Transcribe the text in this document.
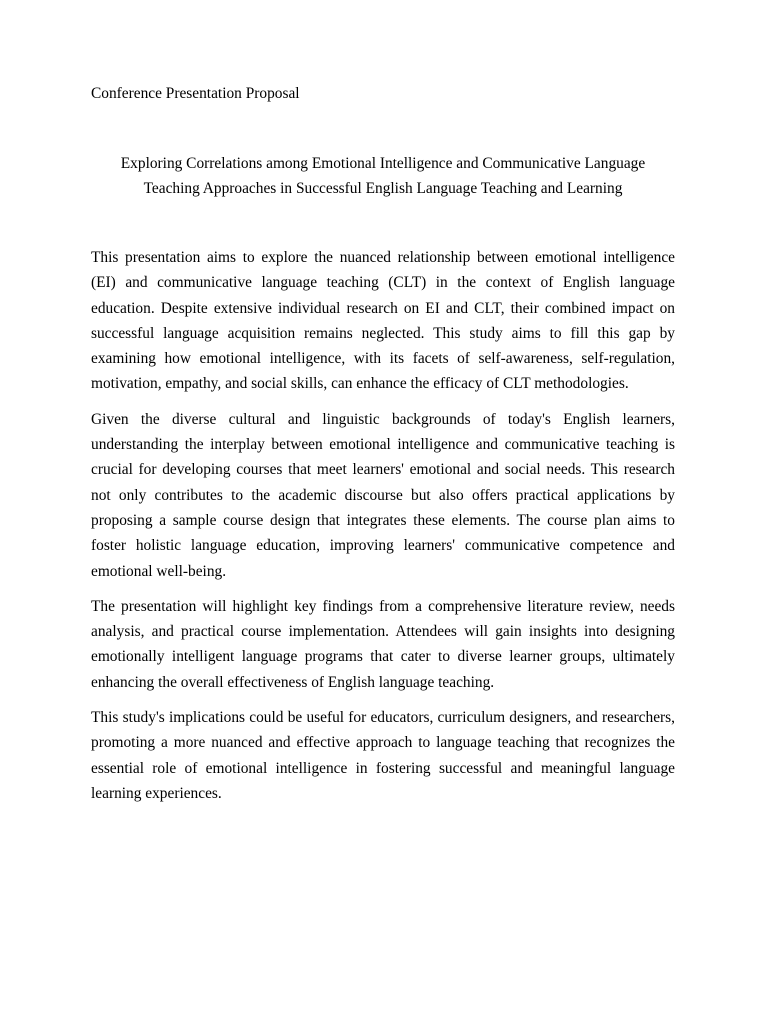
Conference Presentation Proposal
Exploring Correlations among Emotional Intelligence and Communicative Language
Teaching Approaches in Successful English Language Teaching and Learning
This presentation aims to explore the nuanced relationship between emotional intelligence
(EI) and communicative language teaching (CLT) in the context of English language
education. Despite extensive individual research on EI and CLT, their combined impact on
successful language acquisition remains neglected. This study aims to fill this gap by
examining how emotional intelligence, with its facets of self-awareness, self-regulation,
motivation, empathy, and social skills, can enhance the efficacy of CLT methodologies.
Given the diverse cultural and linguistic backgrounds of today's English learners,
understanding the interplay between emotional intelligence and communicative teaching is
crucial for developing courses that meet learners' emotional and social needs. This research
not only contributes to the academic discourse but also offers practical applications by
proposing a sample course design that integrates these elements. The course plan aims to
foster holistic language education, improving learners' communicative competence and
emotional well-being.
The presentation will highlight key findings from a comprehensive literature review, needs
analysis, and practical course implementation. Attendees will gain insights into designing
emotionally intelligent language programs that cater to diverse learner groups, ultimately
enhancing the overall effectiveness of English language teaching.
This study's implications could be useful for educators, curriculum designers, and researchers,
promoting a more nuanced and effective approach to language teaching that recognizes the
essential role of emotional intelligence in fostering successful and meaningful language
learning experiences.
